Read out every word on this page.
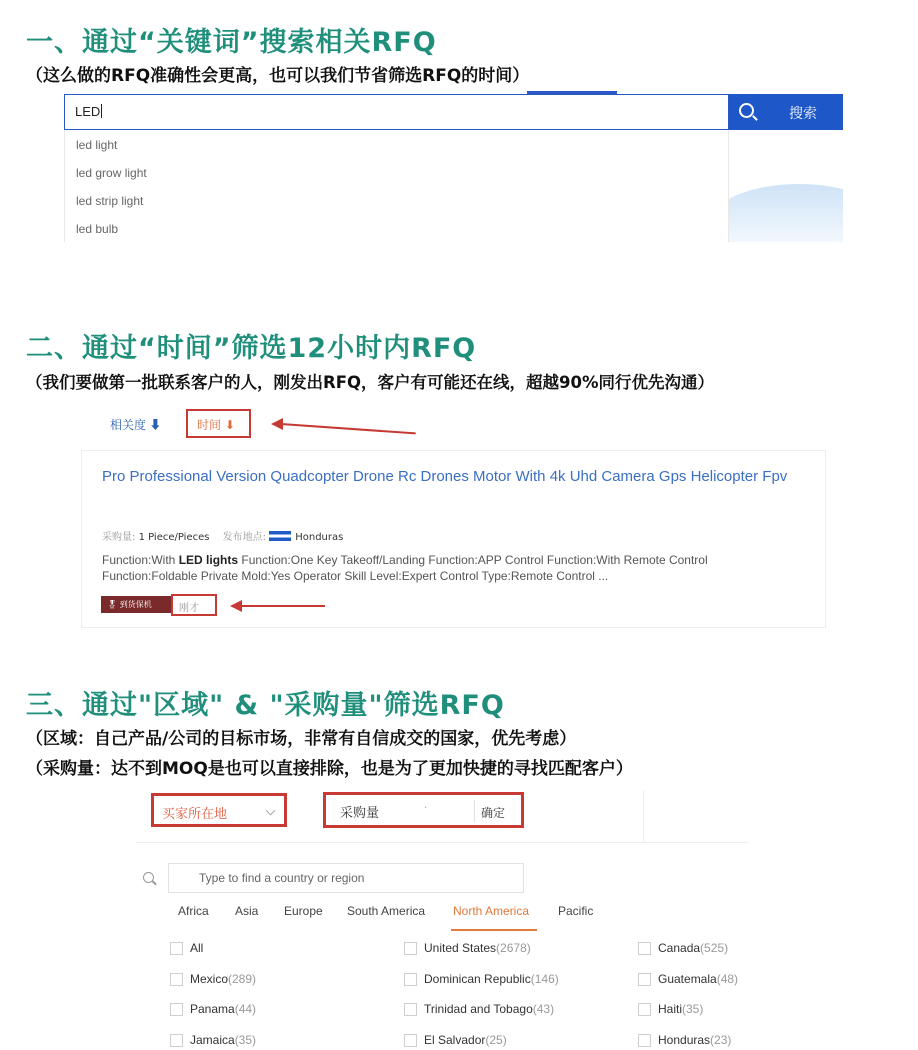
一、通过“关键词”搜索相关RFQ
（这么做的RFQ准确性会更高，也可以我们节省筛选RFQ的时间）
LED	搜索
led light
led grow light
led strip light
led bulb
二、通过“时间”筛选12小时内RFQ
（我们要做第一批联系客户的人，刚发出RFQ，客户有可能还在线，超越90%同行优先沟通）
相关度 ⬇	时间 ⬇
Pro Professional Version Quadcopter Drone Rc Drones Motor With 4k Uhd Camera Gps Helicopter Fpv
采购量: 1 Piece/Pieces 发布地点:	Honduras
Function:With LED lights Function:One Key Takeoff/Landing Function:APP Control Function:With Remote Control Function:Foldable Private Mold:Yes Operator Skill Level:Expert Control Type:Remote Control ...
🎖 到货保机	刚才
三、通过"区域" & "采购量"筛选RFQ
（区域：自己产品/公司的目标市场，非常有自信成交的国家，优先考虑）
（采购量：达不到MOQ是也可以直接排除，也是为了更加快捷的寻找匹配客户）
买家所在地	采购量	·	确定
Type to find a country or region
Africa Asia Europe South America North America Pacific
All	United States(2678)	Canada(525)
Mexico(289)	Dominican Republic(146)	Guatemala(48)
Panama(44)	Trinidad and Tobago(43)	Haiti(35)
Jamaica(35)	El Salvador(25)	Honduras(23)
